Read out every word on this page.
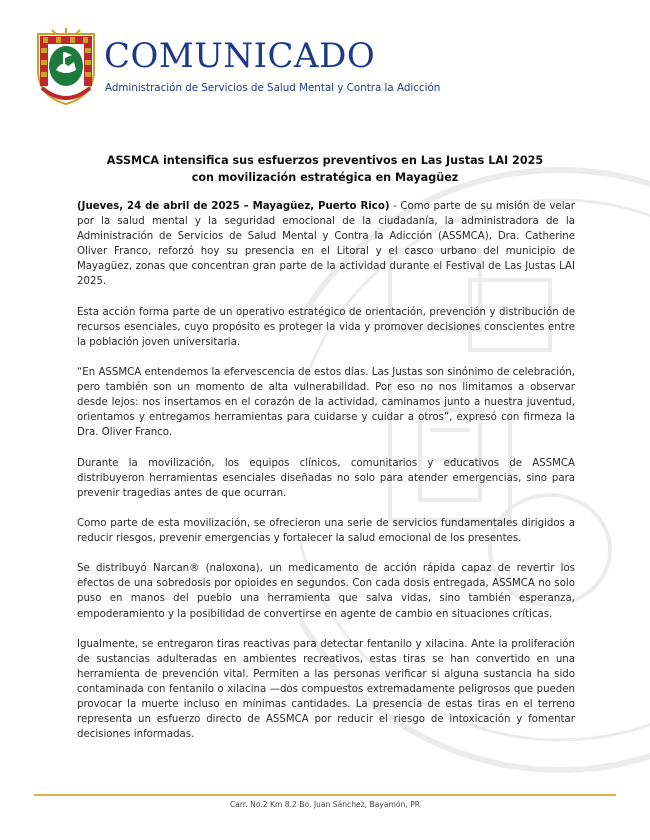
COMUNICADO
Administración de Servicios de Salud Mental y Contra la Adicción
ASSMCA intensifica sus esfuerzos preventivos en Las Justas LAI 2025 con movilización estratégica en Mayagüez

(Jueves, 24 de abril de 2025 – Mayagüez, Puerto Rico) - Como parte de su misión de velar por la salud mental y la seguridad emocional de la ciudadanía, la administradora de la Administración de Servicios de Salud Mental y Contra la Adicción (ASSMCA), Dra. Catherine Oliver Franco, reforzó hoy su presencia en el Litoral y el casco urbano del municipio de Mayagüez, zonas que concentran gran parte de la actividad durante el Festival de Las Justas LAI 2025.

Esta acción forma parte de un operativo estratégico de orientación, prevención y distribución de recursos esenciales, cuyo propósito es proteger la vida y promover decisiones conscientes entre la población joven universitaria.

“En ASSMCA entendemos la efervescencia de estos días. Las Justas son sinónimo de celebración, pero también son un momento de alta vulnerabilidad. Por eso no nos limitamos a observar desde lejos: nos insertamos en el corazón de la actividad, caminamos junto a nuestra juventud, orientamos y entregamos herramientas para cuidarse y cuidar a otros”, expresó con firmeza la Dra. Oliver Franco.

Durante la movilización, los equipos clínicos, comunitarios y educativos de ASSMCA distribuyeron herramientas esenciales diseñadas no solo para atender emergencias, sino para prevenir tragedias antes de que ocurran.

Como parte de esta movilización, se ofrecieron una serie de servicios fundamentales dirigidos a reducir riesgos, prevenir emergencias y fortalecer la salud emocional de los presentes.

Se distribuyó Narcan® (naloxona), un medicamento de acción rápida capaz de revertir los efectos de una sobredosis por opioides en segundos. Con cada dosis entregada, ASSMCA no solo puso en manos del pueblo una herramienta que salva vidas, sino también esperanza, empoderamiento y la posibilidad de convertirse en agente de cambio en situaciones críticas.

Igualmente, se entregaron tiras reactivas para detectar fentanilo y xilacina. Ante la proliferación de sustancias adulteradas en ambientes recreativos, estas tiras se han convertido en una herramienta de prevención vital. Permiten a las personas verificar si alguna sustancia ha sido contaminada con fentanilo o xilacina —dos compuestos extremadamente peligrosos que pueden provocar la muerte incluso en mínimas cantidades. La presencia de estas tiras en el terreno representa un esfuerzo directo de ASSMCA por reducir el riesgo de intoxicación y fomentar decisiones informadas.

Carr. No.2 Km 8.2 Bo. Juan Sánchez, Bayamón, PR
